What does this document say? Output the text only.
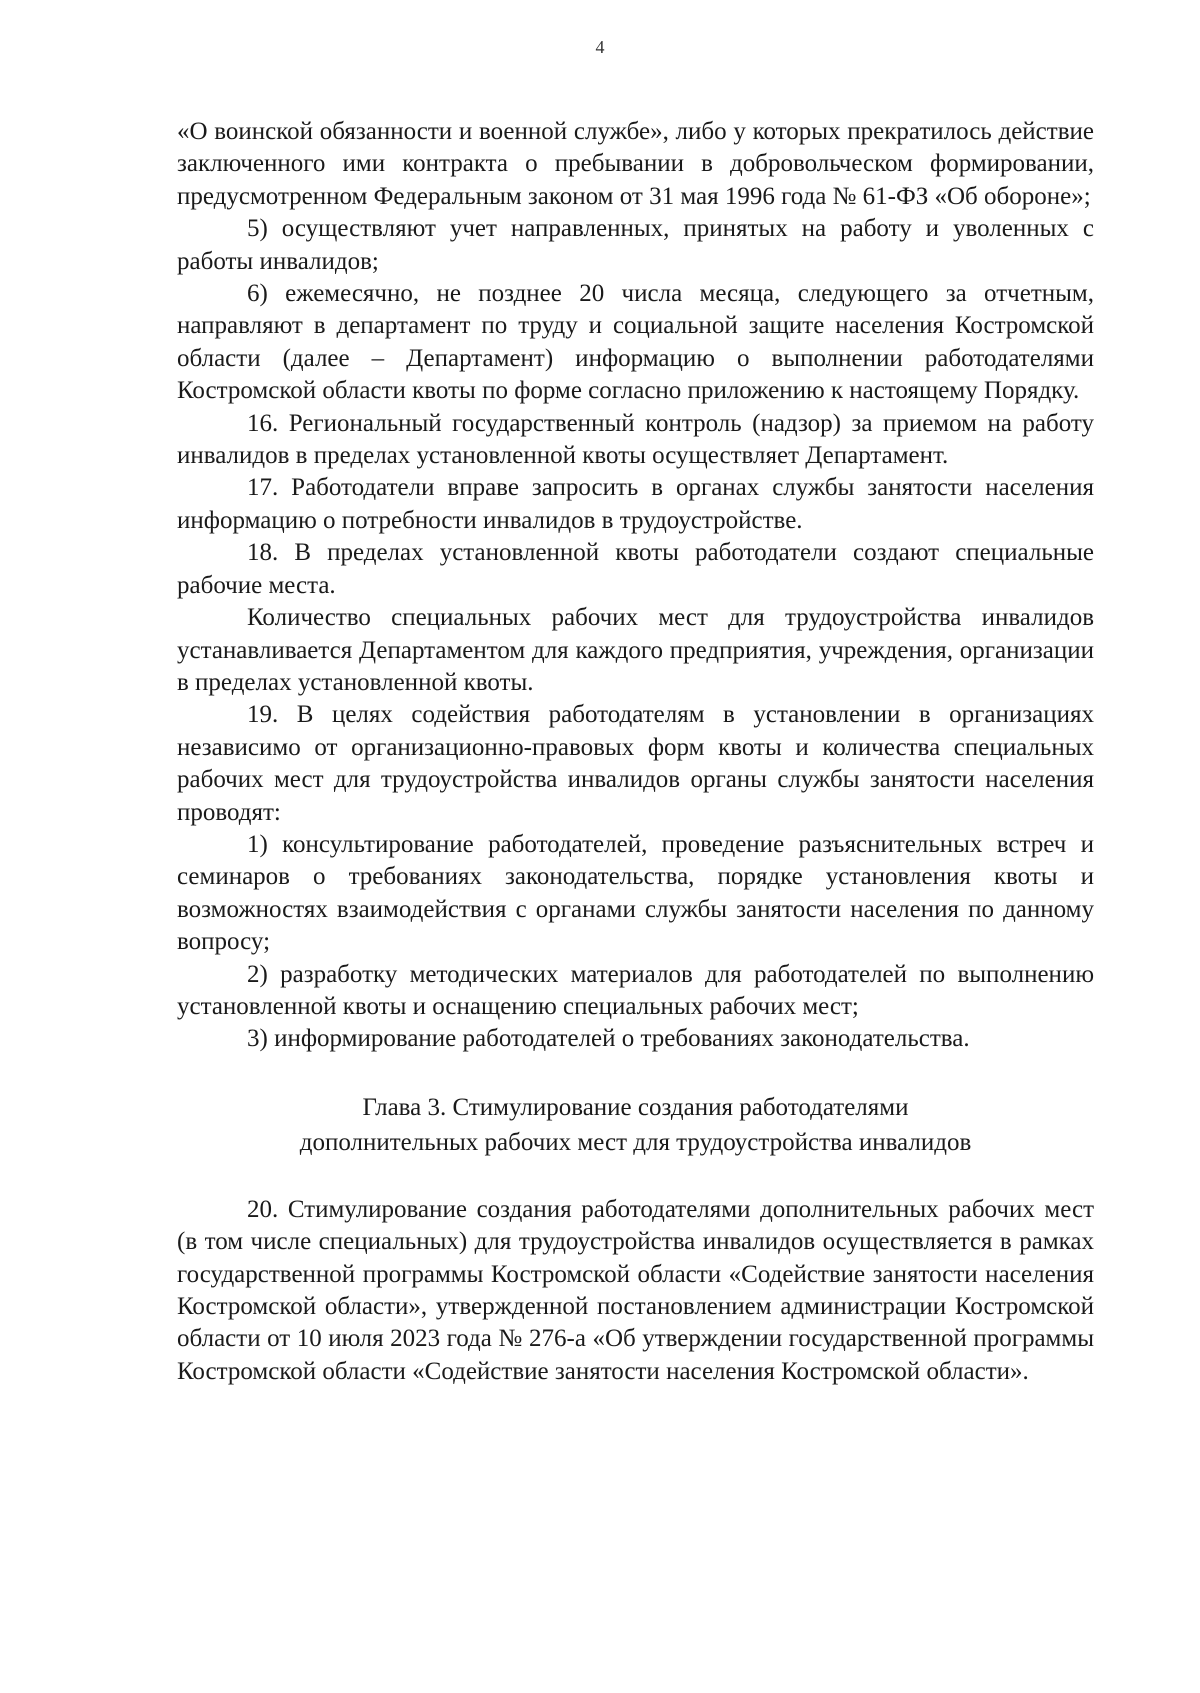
4

«О воинской обязанности и военной службе», либо у которых прекратилось действие заключенного ими контракта о пребывании в добровольческом формировании, предусмотренном Федеральным законом от 31 мая 1996 года № 61-ФЗ «Об обороне»;

5) осуществляют учет направленных, принятых на работу и уволенных с работы инвалидов;

6) ежемесячно, не позднее 20 числа месяца, следующего за отчетным, направляют в департамент по труду и социальной защите населения Костромской области (далее – Департамент) информацию о выполнении работодателями Костромской области квоты по форме согласно приложению к настоящему Порядку.

16. Региональный государственный контроль (надзор) за приемом на работу инвалидов в пределах установленной квоты осуществляет Департамент.

17. Работодатели вправе запросить в органах службы занятости населения информацию о потребности инвалидов в трудоустройстве.

18. В пределах установленной квоты работодатели создают специальные рабочие места.

Количество специальных рабочих мест для трудоустройства инвалидов устанавливается Департаментом для каждого предприятия, учреждения, организации в пределах установленной квоты.

19. В целях содействия работодателям в установлении в организациях независимо от организационно-правовых форм квоты и количества специальных рабочих мест для трудоустройства инвалидов органы службы занятости населения проводят:

1) консультирование работодателей, проведение разъяснительных встреч и семинаров о требованиях законодательства, порядке установления квоты и возможностях взаимодействия с органами службы занятости населения по данному вопросу;

2) разработку методических материалов для работодателей по выполнению установленной квоты и оснащению специальных рабочих мест;

3) информирование работодателей о требованиях законодательства.

Глава 3. Стимулирование создания работодателями
дополнительных рабочих мест для трудоустройства инвалидов

20. Стимулирование создания работодателями дополнительных рабочих мест (в том числе специальных) для трудоустройства инвалидов осуществляется в рамках государственной программы Костромской области «Содействие занятости населения Костромской области», утвержденной постановлением администрации Костромской области от 10 июля 2023 года № 276-а «Об утверждении государственной программы Костромской области «Содействие занятости населения Костромской области».
